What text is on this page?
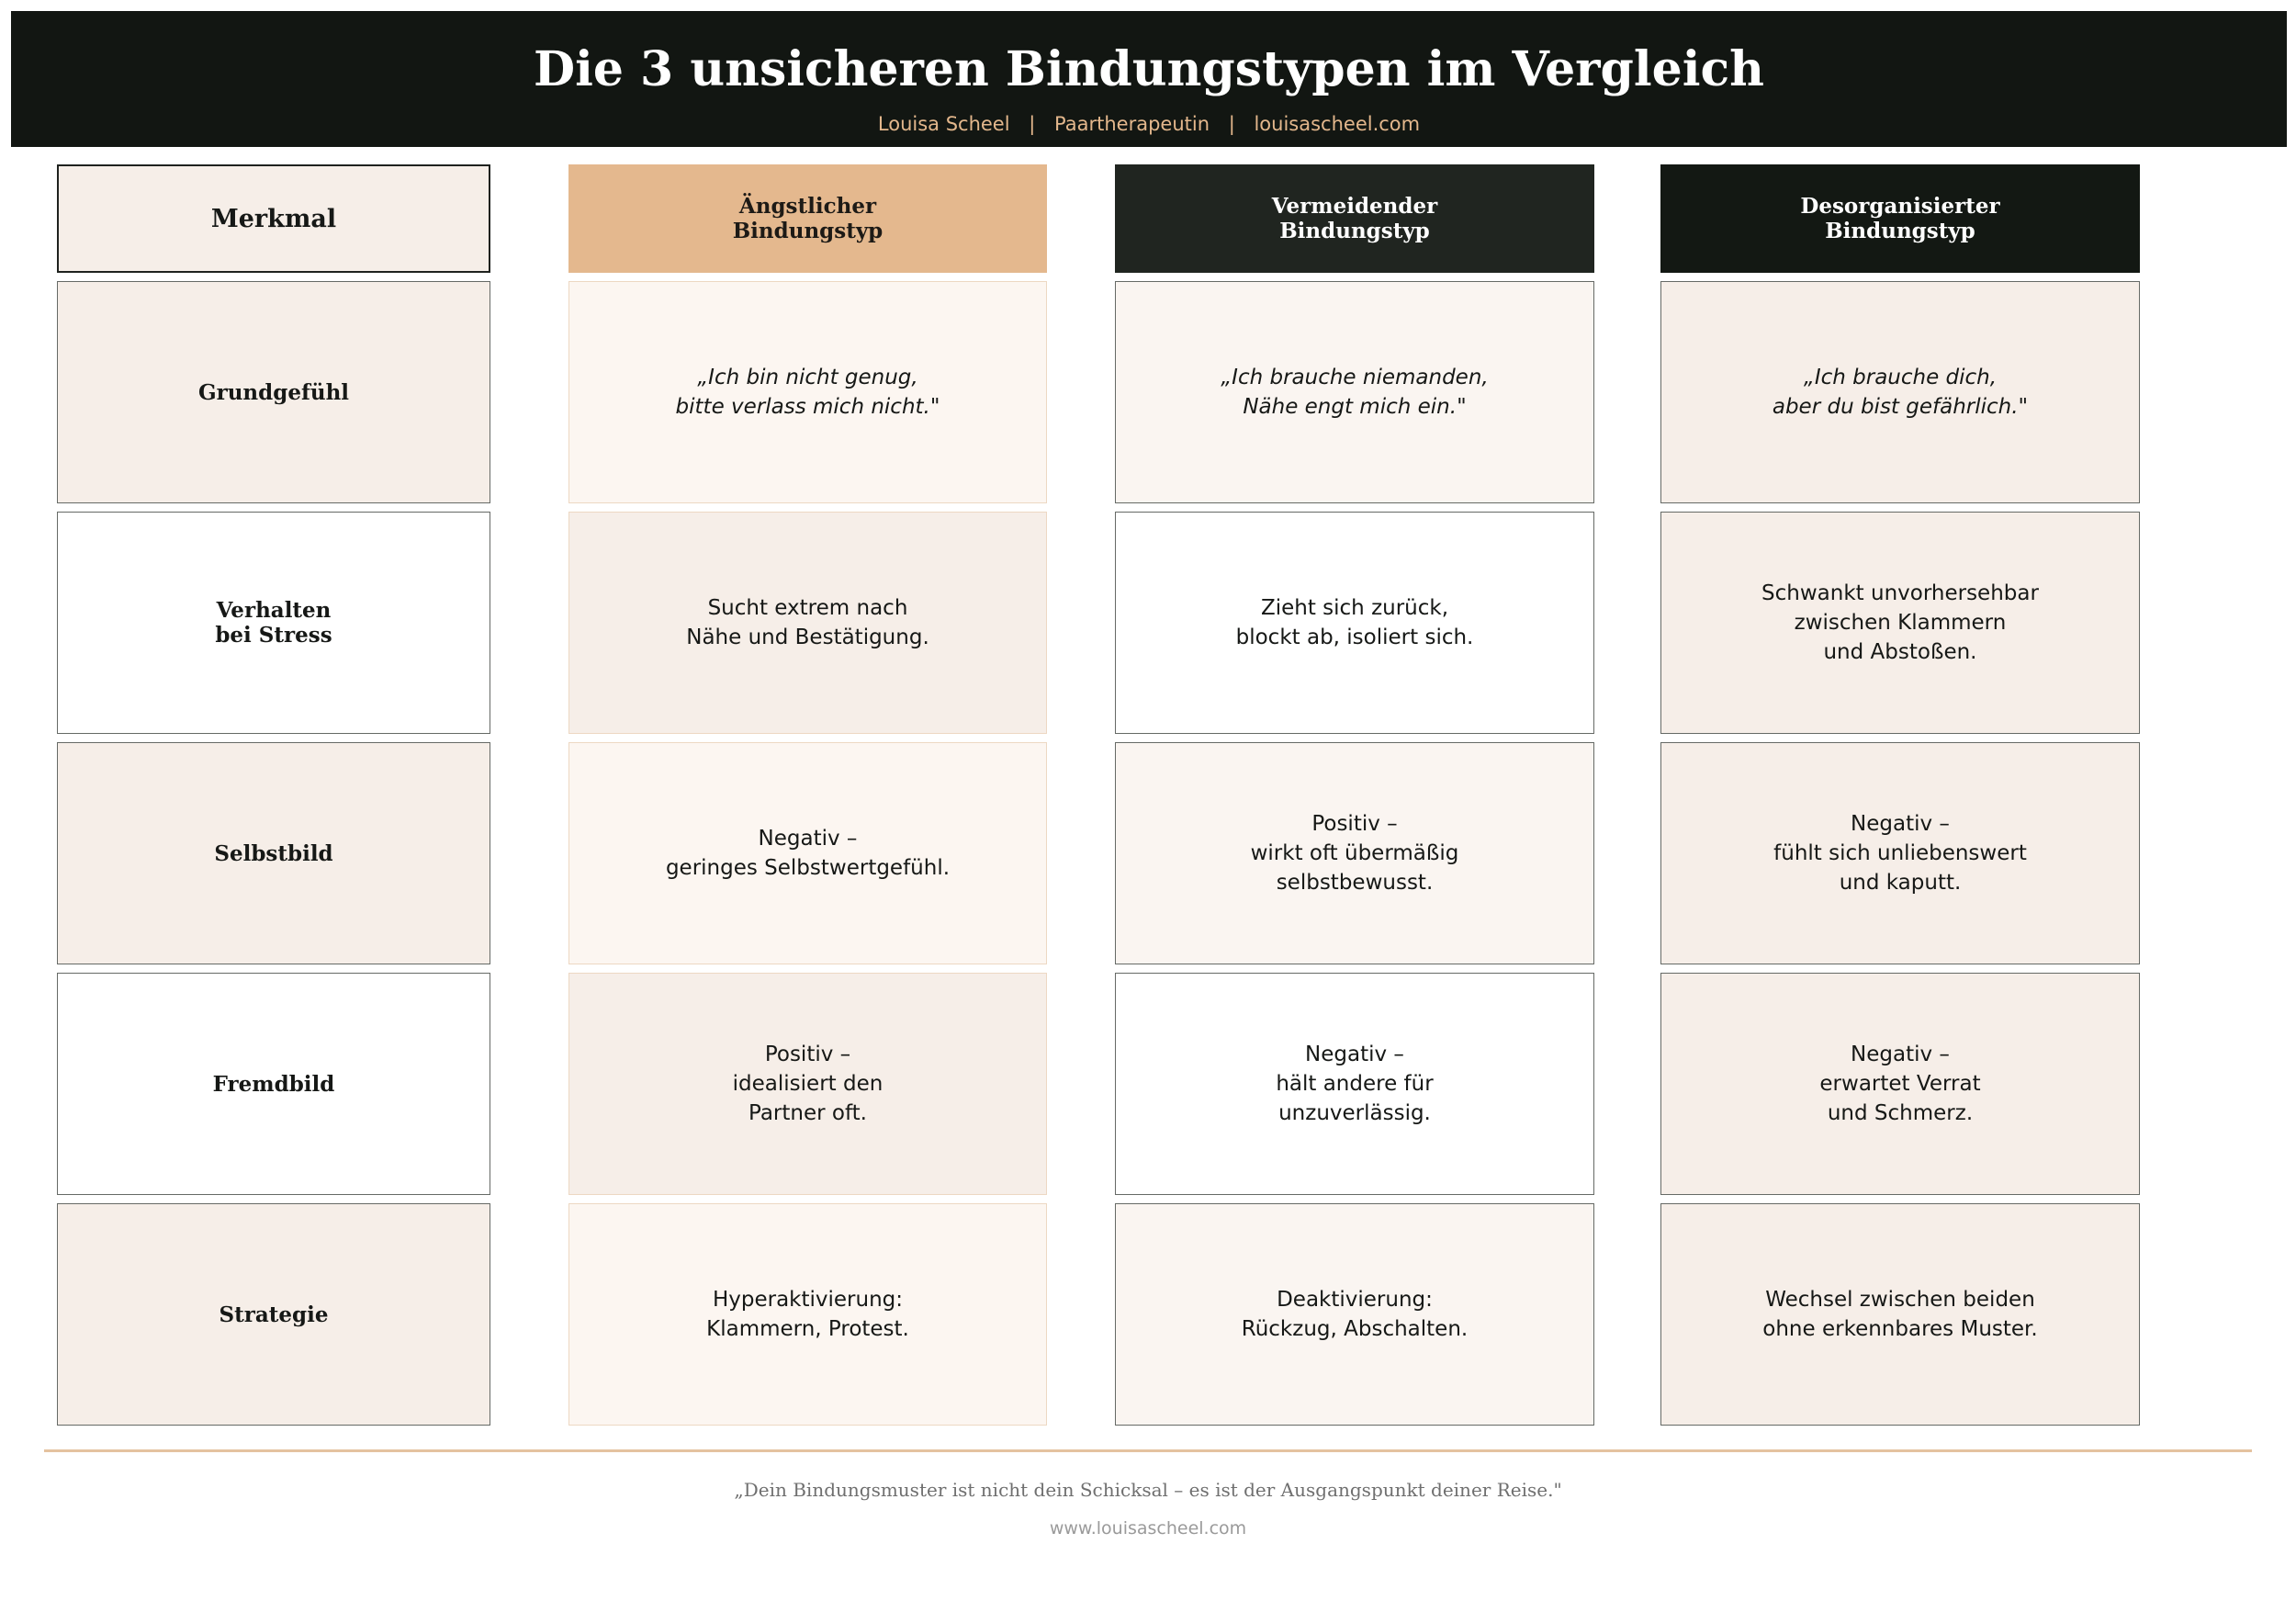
Die 3 unsicheren Bindungstypen im Vergleich
Louisa Scheel | Paartherapeutin | louisascheel.com
Merkmal	Ängstlicher
Bindungstyp
Vermeidender
Bindungstyp
Desorganisierter
Bindungstyp
Grundgefühl
„Ich bin nicht genug,
bitte verlass mich nicht."
„Ich brauche niemanden,
Nähe engt mich ein."
„Ich brauche dich,
aber du bist gefährlich."
Verhalten
bei Stress
Sucht extrem nach
Nähe und Bestätigung.
Zieht sich zurück,
blockt ab, isoliert sich.
Schwankt unvorhersehbar
zwischen Klammern
und Abstoßen.
Selbstbild
Negativ –
geringes Selbstwertgefühl.
Positiv –
wirkt oft übermäßig
selbstbewusst.
Negativ –
fühlt sich unliebenswert
und kaputt.
Fremdbild
Positiv –
idealisiert den
Partner oft.
Negativ –
hält andere für
unzuverlässig.
Negativ –
erwartet Verrat
und Schmerz.
Strategie
Hyperaktivierung:
Klammern, Protest.
Deaktivierung:
Rückzug, Abschalten.
Wechsel zwischen beiden
ohne erkennbares Muster.
„Dein Bindungsmuster ist nicht dein Schicksal – es ist der Ausgangspunkt deiner Reise."
www.louisascheel.com
